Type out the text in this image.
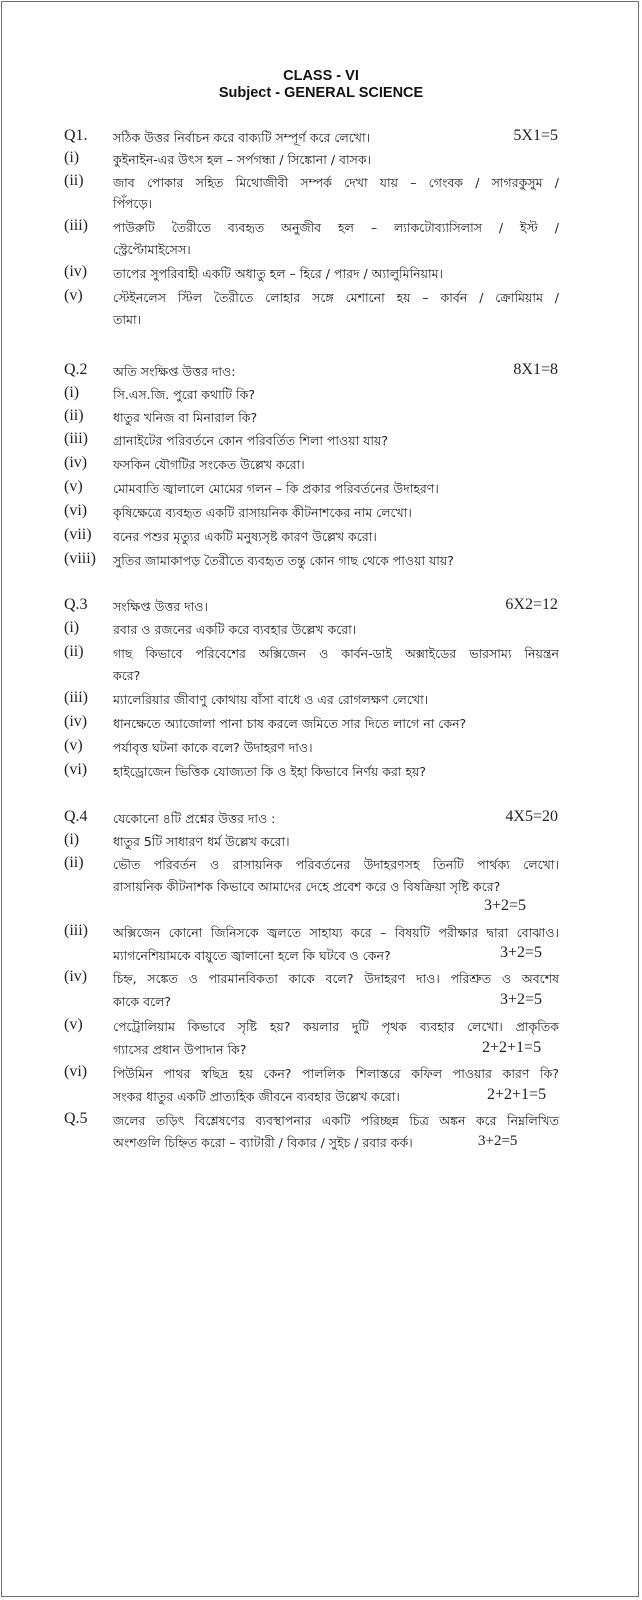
CLASS - VI
Subject - GENERAL SCIENCE
Q1. সঠিক উত্তর নির্বাচন করে বাক্যটি সম্পূর্ণ করে লেখো।	5X1=5
(i)	কুইনাইন-এর উৎস হল – সর্পগন্ধা / সিঙ্কোনা / বাসক।
(ii) জাব পোকার সহিত মিথোজীবী সম্পর্ক দেখা যায় – গেংবক / সাগরকুসুম /
পিঁপড়ে।
(iii) পাউরুটি তৈরীতে ব্যবহৃত অনুজীব হল – ল্যাকটোব্যাসিলাস / ইস্ট /
স্ট্রেপ্টোমাইসেস।
(iv) তাপের সুপরিবাহী একটি অধাতু হল – হিরে / পারদ / অ্যালুমিনিয়াম।
(v) স্টেইনলেস স্টিল তৈরীতে লোহার সঙ্গে মেশানো হয় – কার্বন / ক্রোমিয়াম /
তামা।
Q.2 অতি সংক্ষিপ্ত উত্তর দাও:	8X1=8
(i)	সি.এস.জি. পুরো কথাটি কি?
(ii) ধাতুর খনিজ বা মিনারাল কি?
(iii) গ্রানাইটের পরিবর্তনে কোন পরিবর্তিত শিলা পাওয়া যায়?
(iv) ফসকিন যৌগটির সংকেত উল্লেখ করো।
(v) মোমবাতি জ্বালালে মোমের গলন – কি প্রকার পরিবর্তনের উদাহরণ।
(vi) কৃষিক্ষেত্রে ব্যবহৃত একটি রাসায়নিক কীটনাশকের নাম লেখো।
(vii) বনের পশুর মৃত্যুর একটি মনুষ্যসৃষ্ট কারণ উল্লেখ করো।
(viii) সুতির জামাকাপড় তৈরীতে ব্যবহৃত তন্তু কোন গাছ থেকে পাওয়া যায়?
Q.3 সংক্ষিপ্ত উত্তর দাও।	6X2=12
(i)	রবার ও রজনের একটি করে ব্যবহার উল্লেখ করো।
(ii) গাছ কিভাবে পরিবেশের অক্সিজেন ও কার্বন-ডাই অক্সাইডের ভারসাম্য নিয়ন্ত্রন
করে?
(iii) ম্যালেরিয়ার জীবাণু কোথায় বাঁসা বাধে ও এর রোগলক্ষণ লেখো।
(iv) ধানক্ষেতে অ্যাজোলা পানা চাষ করলে জমিতে সার দিতে লাগে না কেন?
(v) পর্যাবৃত্ত ঘটনা কাকে বলে? উদাহরণ দাও।
(vi) হাইড্রোজেন ভিত্তিক যোজ্যতা কি ও ইহা কিভাবে নির্ণয় করা হয়?
Q.4 যেকোনো ৪টি প্রশ্নের উত্তর দাও :	4X5=20
(i)	ধাতুর 5টি সাধারণ ধর্ম উল্লেখ করো।
(ii) ভৌত পরিবর্তন ও রাসায়নিক পরিবর্তনের উদাহরণসহ তিনটি পার্থক্য লেখো।
রাসায়নিক কীটনাশক কিভাবে আমাদের দেহে প্রবেশ করে ও বিষক্রিয়া সৃষ্টি করে?
3+2=5
(iii) অক্সিজেন কোনো জিনিসকে জ্বলতে সাহায্য করে – বিষয়টি পরীক্ষার দ্বারা বোঝাও।
ম্যাগনেশিয়ামকে বায়ুতে জ্বালানো হলে কি ঘটবে ও কেন?	3+2=5
(iv) চিহ্ন, সঙ্কেত ও পারমানবিকতা কাকে বলে? উদাহরণ দাও। পরিশ্রুত ও অবশেষ
কাকে বলে?	3+2=5
(v) পেট্রোলিয়াম কিভাবে সৃষ্টি হয়? কয়লার দুটি পৃথক ব্যবহার লেখো। প্রাকৃতিক
গ্যাসের প্রধান উপাদান কি?	2+2+1=5
(vi) পিউমিন পাথর স্বছিদ্র হয় কেন? পাললিক শিলাস্তরে কফিল পাওয়ার কারণ কি?
সংকর ধাতুর একটি প্রাত্যহিক জীবনে ব্যবহার উল্লেখ করো।	2+2+1=5
Q.5 জলের তড়িৎ বিশ্লেষণের ব্যবস্থাপনার একটি পরিচ্ছন্ন চিত্র অঙ্কন করে নিম্নলিখিত
অংশগুলি চিহ্নিত করো – ব্যাটারী / বিকার / সুইচ / রবার কর্ক।	3+2=5
